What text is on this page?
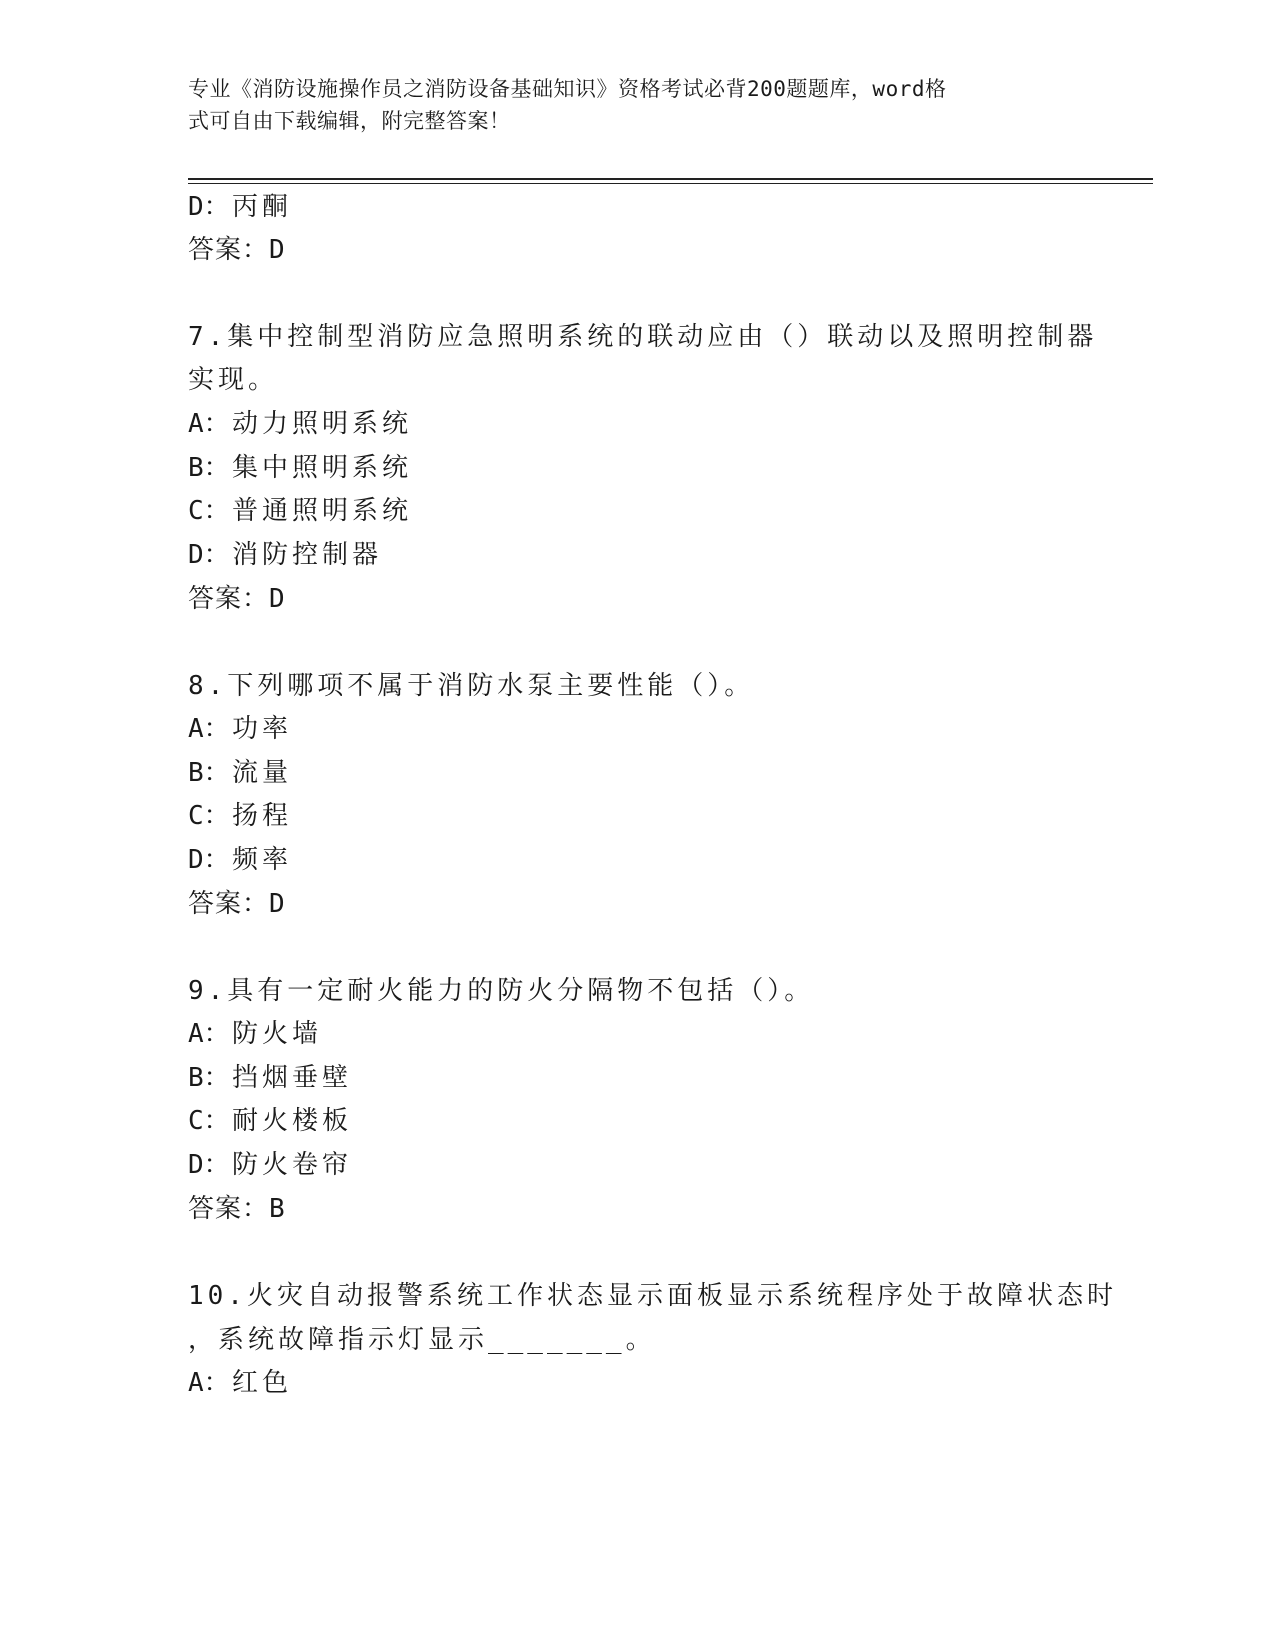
专业《消防设施操作员之消防设备基础知识》资格考试必背200题题库，word格
式可自由下载编辑，附完整答案！
D：丙酮
答案：D
7.集中控制型消防应急照明系统的联动应由（）联动以及照明控制器
实现。
A：动力照明系统
B：集中照明系统
C：普通照明系统
D：消防控制器
答案：D
8.下列哪项不属于消防水泵主要性能（）。
A：功率
B：流量
C：扬程
D：频率
答案：D
9.具有一定耐火能力的防火分隔物不包括（）。
A：防火墙
B：挡烟垂壁
C：耐火楼板
D：防火卷帘
答案：B
10.火灾自动报警系统工作状态显示面板显示系统程序处于故障状态时
，系统故障指示灯显示_______。
A：红色
